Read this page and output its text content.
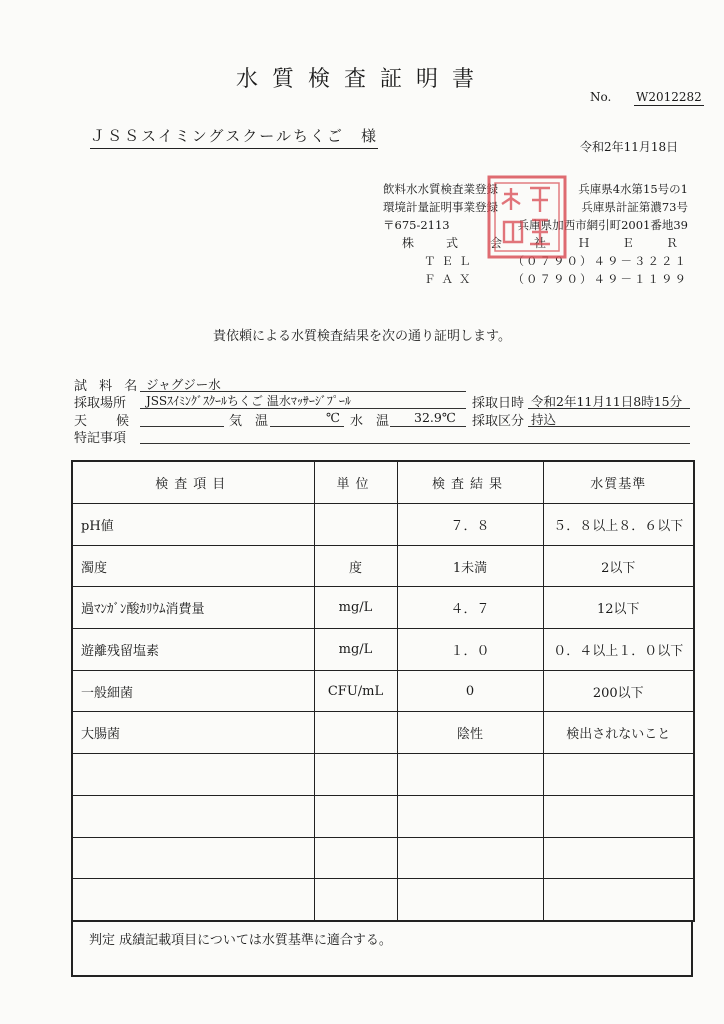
水質検査証明書
No. W2012282
ＪＳＳスイミングスクールちくご　様
令和2年11月18日
飲料水水質検査業登録	兵庫県4水第15号の1
環境計量証明事業登録	兵庫県計証第濃73号
〒675-2113	兵庫県加西市網引町2001番地39
株　式　会　社　Ｈ　Ｅ　Ｒ
ＴＥＬ	（０７９０）４９－３２２１
ＦＡＸ	（０７９０）４９－１１９９
貴依頼による水質検査結果を次の通り証明します。
試 料 名 ジャグジー水
採取場所 JSSｽｲﾐﾝｸﾞｽｸｰﾙちくご 温水ﾏｯｻｰｼﾞﾌﾟｰﾙ	採取日時 令和2年11月11日8時15分
天　候	気　温	℃ 水　温 32.9℃ 採取区分 持込
特記事項
検査項目	単位	検査結果	水質基準
pH値		７．８	５．８以上８．６以下
濁度	度	1未満	2以下
過ﾏﾝｶﾞﾝ酸ｶﾘｳﾑ消費量	mg/L	４．７	12以下
遊離残留塩素	mg/L	１．０	０．４以上１．０以下
一般細菌	CFU/mL	0	200以下
大腸菌		陰性	検出されないこと

判定 成績記載項目については水質基準に適合する。
